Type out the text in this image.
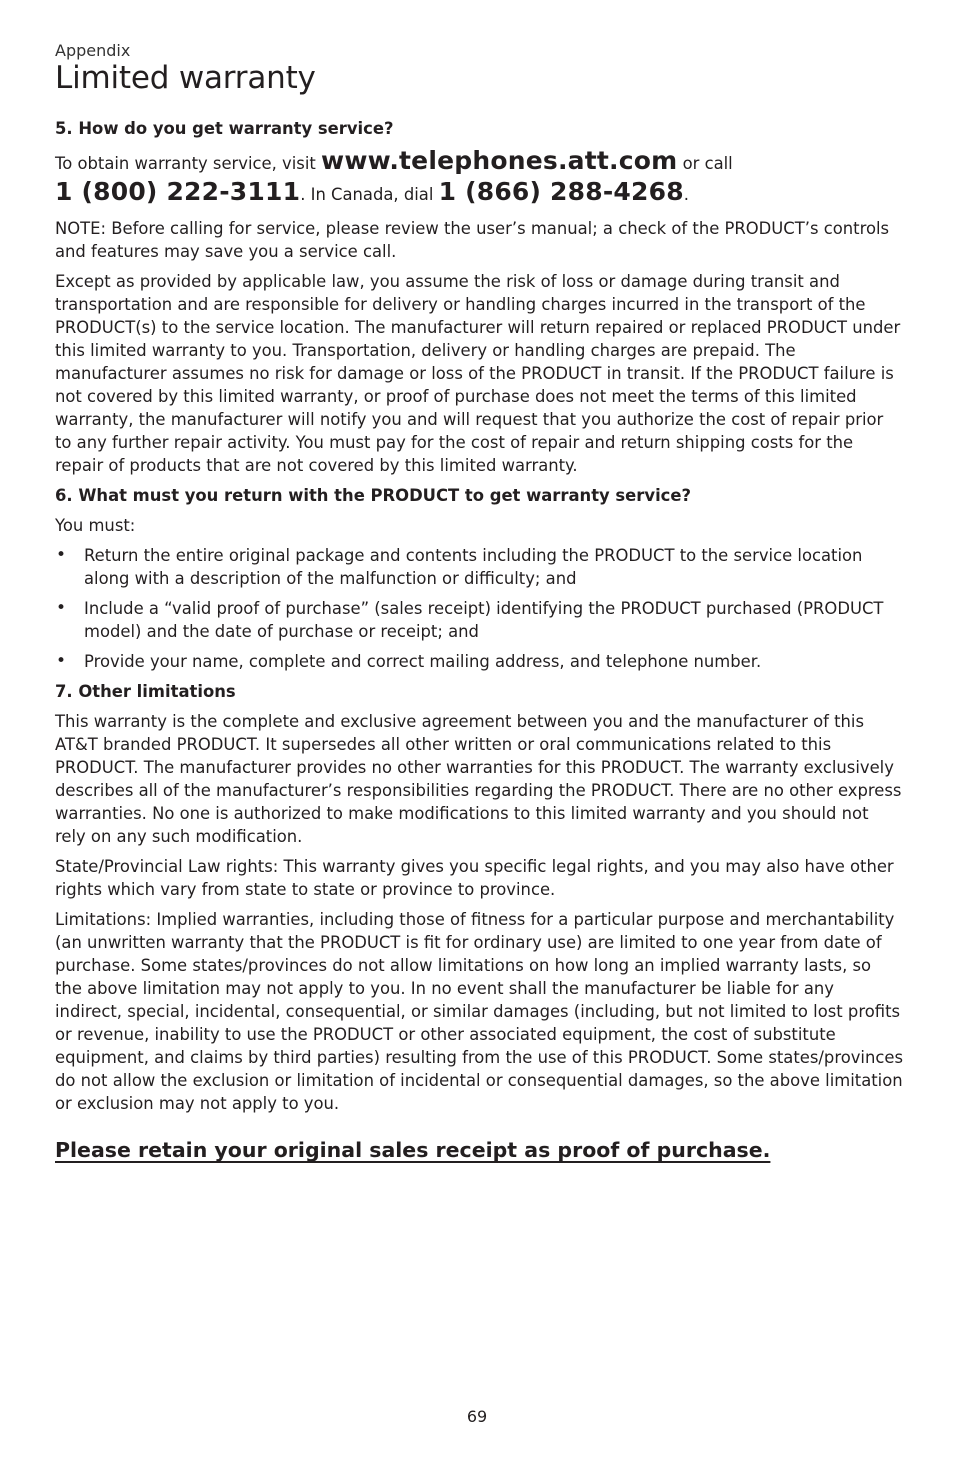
Appendix
Limited warranty
5. How do you get warranty service?
To obtain warranty service, visit www.telephones.att.com or call
1 (800) 222-3111. In Canada, dial 1 (866) 288-4268.

NOTE: Before calling for service, please review the user’s manual; a check of the PRODUCT’s controls and features may save you a service call.

Except as provided by applicable law, you assume the risk of loss or damage during transit and transportation and are responsible for delivery or handling charges incurred in the transport of the PRODUCT(s) to the service location. The manufacturer will return repaired or replaced PRODUCT under this limited warranty to you. Transportation, delivery or handling charges are prepaid. The manufacturer assumes no risk for damage or loss of the PRODUCT in transit. If the PRODUCT failure is not covered by this limited warranty, or proof of purchase does not meet the terms of this limited warranty, the manufacturer will notify you and will request that you authorize the cost of repair prior to any further repair activity. You must pay for the cost of repair and return shipping costs for the repair of products that are not covered by this limited warranty.

6. What must you return with the PRODUCT to get warranty service?

You must:

• Return the entire original package and contents including the PRODUCT to the service location along with a description of the malfunction or difficulty; and
• Include a “valid proof of purchase” (sales receipt) identifying the PRODUCT purchased (PRODUCT model) and the date of purchase or receipt; and
• Provide your name, complete and correct mailing address, and telephone number.
7. Other limitations

This warranty is the complete and exclusive agreement between you and the manufacturer of this AT&T branded PRODUCT. It supersedes all other written or oral communications related to this PRODUCT. The manufacturer provides no other warranties for this PRODUCT. The warranty exclusively describes all of the manufacturer’s responsibilities regarding the PRODUCT. There are no other express warranties. No one is authorized to make modifications to this limited warranty and you should not rely on any such modification.

State/Provincial Law rights: This warranty gives you specific legal rights, and you may also have other rights which vary from state to state or province to province.

Limitations: Implied warranties, including those of fitness for a particular purpose and merchantability (an unwritten warranty that the PRODUCT is fit for ordinary use) are limited to one year from date of purchase. Some states/provinces do not allow limitations on how long an implied warranty lasts, so the above limitation may not apply to you. In no event shall the manufacturer be liable for any indirect, special, incidental, consequential, or similar damages (including, but not limited to lost profits or revenue, inability to use the PRODUCT or other associated equipment, the cost of substitute equipment, and claims by third parties) resulting from the use of this PRODUCT. Some states/provinces do not allow the exclusion or limitation of incidental or consequential damages, so the above limitation or exclusion may not apply to you.

Please retain your original sales receipt as proof of purchase.
69
